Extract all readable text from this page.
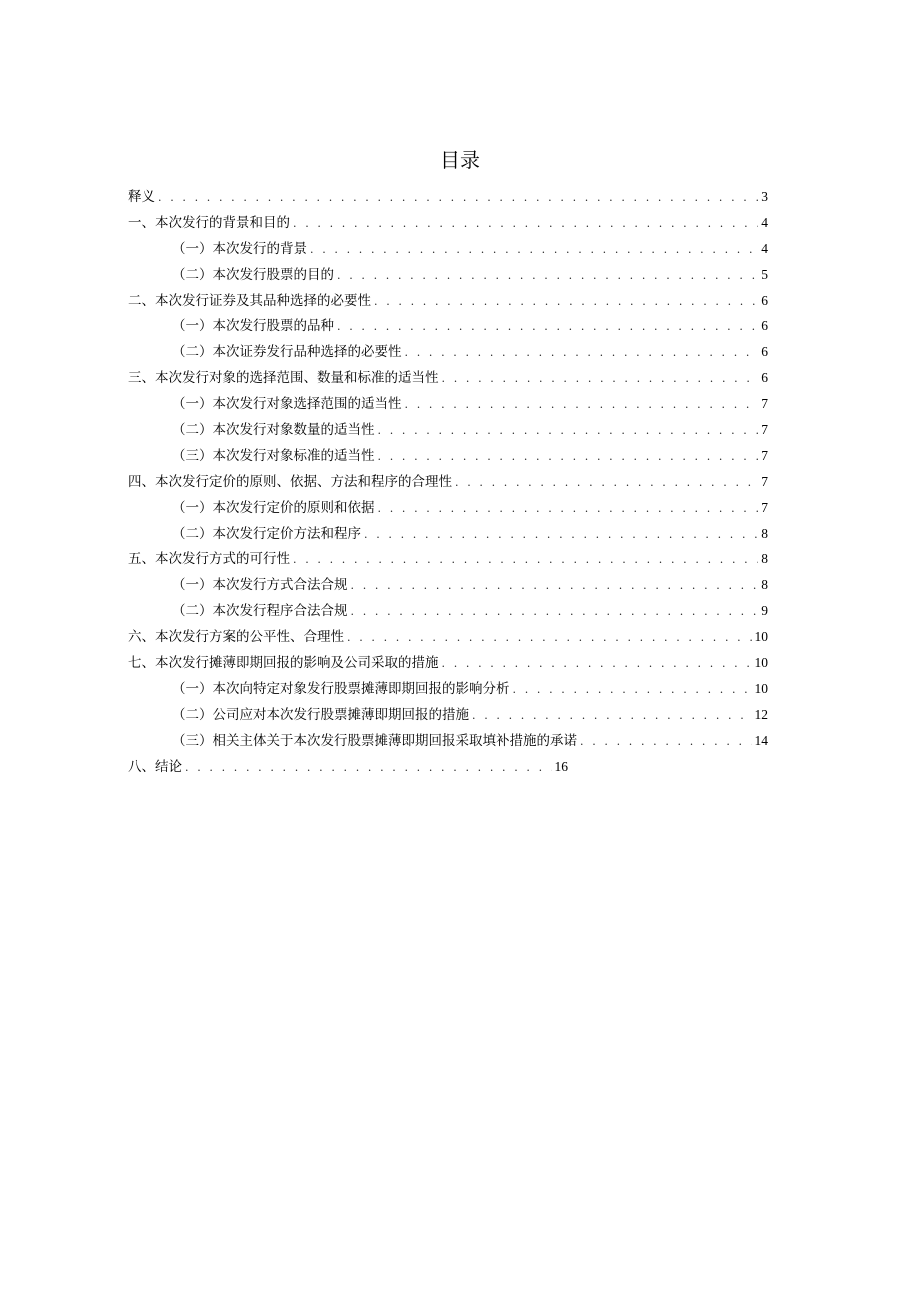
目录
释义 . . .	3
一、本次发行的背景和目的 . . .	4
（一）本次发行的背景 . . .	4
（二）本次发行股票的目的 . . .	5
二、本次发行证券及其品种选择的必要性 . . .	6
（一）本次发行股票的品种 . . .	6
（二）本次证券发行品种选择的必要性 . . .	6
三、本次发行对象的选择范围、数量和标准的适当性 . . .	6
（一）本次发行对象选择范围的适当性 . . .	7
（二）本次发行对象数量的适当性 . . .	7
（三）本次发行对象标准的适当性 . . .	7
四、本次发行定价的原则、依据、方法和程序的合理性 . . .	7
（一）本次发行定价的原则和依据 . . .	7
（二）本次发行定价方法和程序 . . .	8
五、本次发行方式的可行性 . . .	8
（一）本次发行方式合法合规 . . .	8
（二）本次发行程序合法合规 . . .	9
六、本次发行方案的公平性、合理性 . . .	10
七、本次发行摊薄即期回报的影响及公司采取的措施 . . .	10
（一）本次向特定对象发行股票摊薄即期回报的影响分析 . . .	10
（二）公司应对本次发行股票摊薄即期回报的措施 . . .	12
（三）相关主体关于本次发行股票摊薄即期回报采取填补措施的承诺 . . .	14
八、结论 . . .	16
